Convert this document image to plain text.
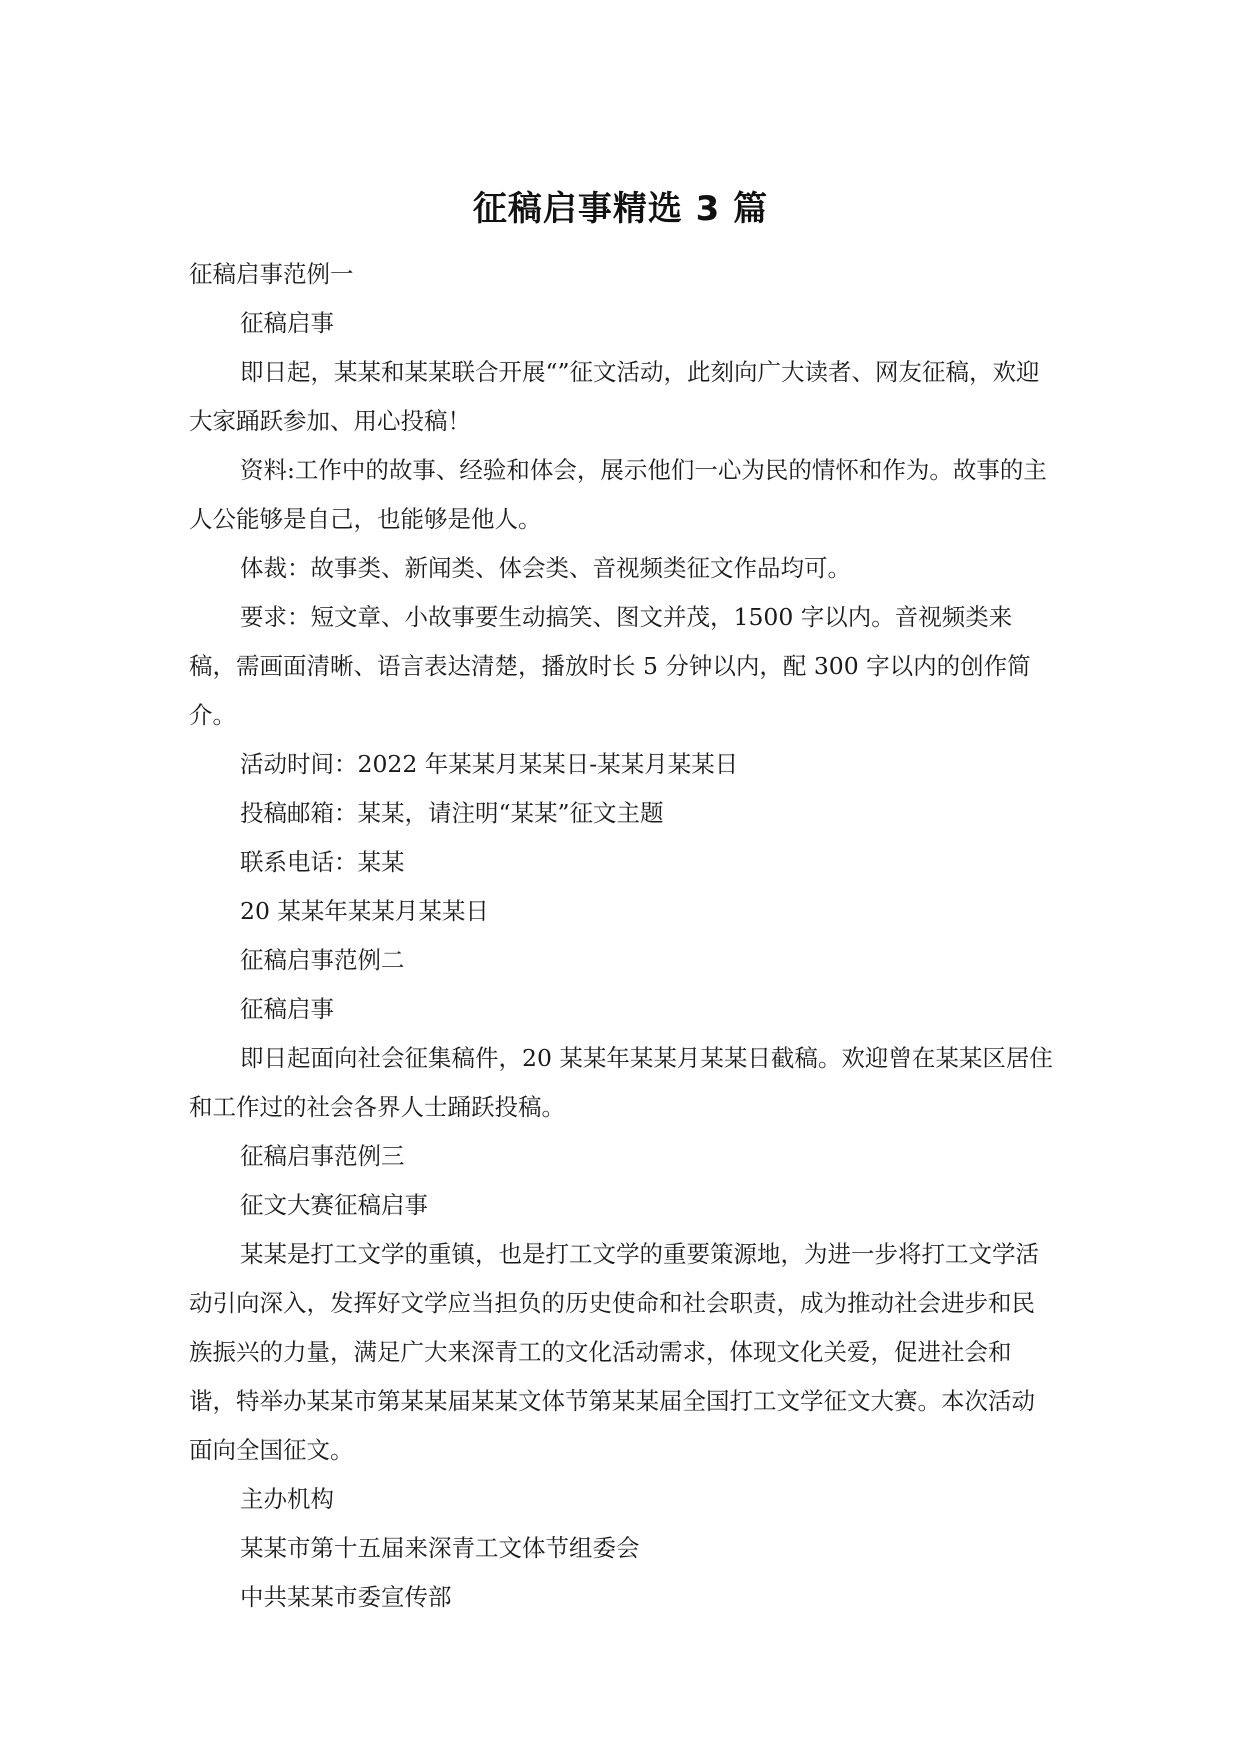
征稿启事精选 3 篇

征稿启事范例一

征稿启事

即日起，某某和某某联合开展“”征文活动，此刻向广大读者、网友征稿，欢迎大家踊跃参加、用心投稿！

资料:工作中的故事、经验和体会，展示他们一心为民的情怀和作为。故事的主人公能够是自己，也能够是他人。

体裁：故事类、新闻类、体会类、音视频类征文作品均可。

要求：短文章、小故事要生动搞笑、图文并茂，1500 字以内。音视频类来稿，需画面清晰、语言表达清楚，播放时长 5 分钟以内，配 300 字以内的创作简介。

活动时间：2022 年某某月某某日-某某月某某日

投稿邮箱：某某，请注明“某某”征文主题

联系电话：某某

20 某某年某某月某某日

征稿启事范例二

征稿启事

即日起面向社会征集稿件，20 某某年某某月某某日截稿。欢迎曾在某某区居住和工作过的社会各界人士踊跃投稿。

征稿启事范例三

征文大赛征稿启事

某某是打工文学的重镇，也是打工文学的重要策源地，为进一步将打工文学活动引向深入，发挥好文学应当担负的历史使命和社会职责，成为推动社会进步和民族振兴的力量，满足广大来深青工的文化活动需求，体现文化关爱，促进社会和谐，特举办某某市第某某届某某文体节第某某届全国打工文学征文大赛。本次活动面向全国征文。

主办机构

某某市第十五届来深青工文体节组委会

中共某某市委宣传部
